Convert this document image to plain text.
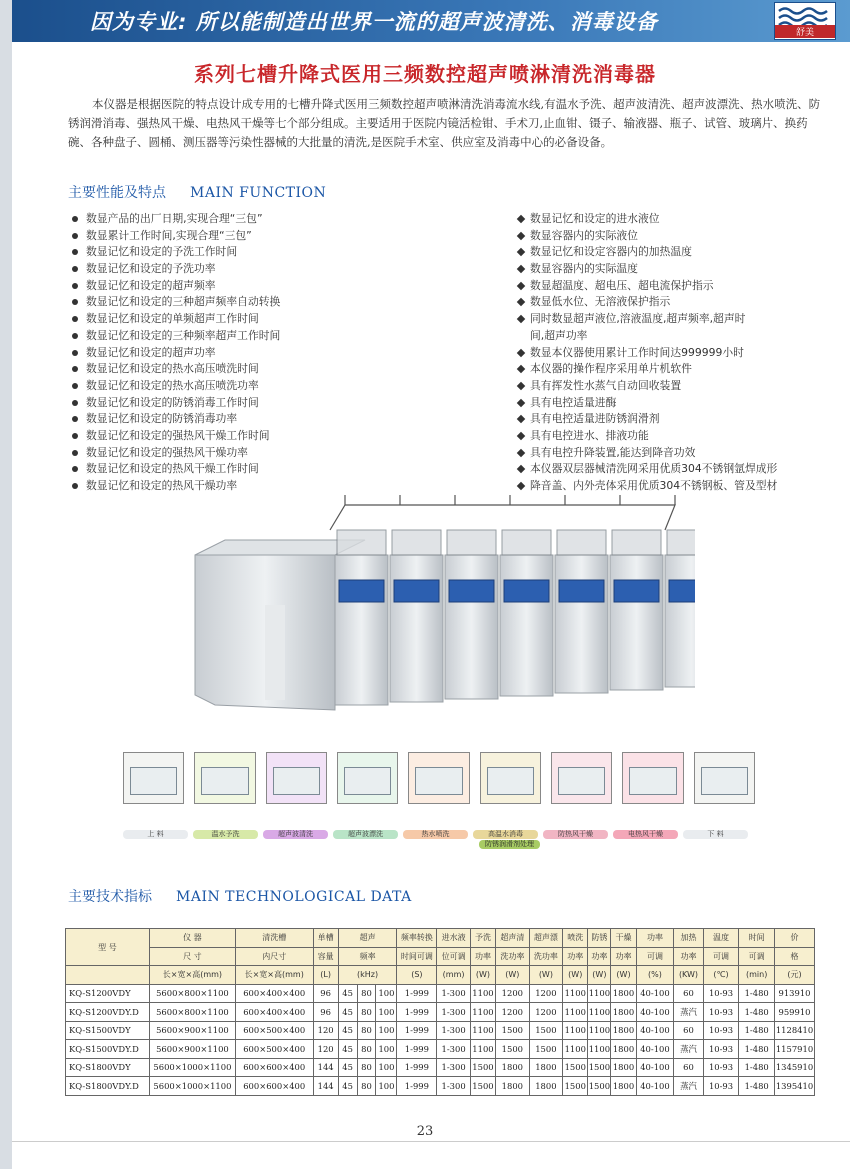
因为专业: 所以能制造出世界一流的超声波清洗、消毒设备	舒美
系列七槽升降式医用三频数控超声喷淋清洗消毒器

本仪器是根据医院的特点设计成专用的七槽升降式医用三频数控超声喷淋清洗消毒流水线,有温水予洗、超声波清洗、超声波漂洗、热水喷洗、防锈润滑消毒、强热风干燥、电热风干燥等七个部分组成。主要适用于医院内镜活检钳、手术刀,止血钳、镊子、输液器、瓶子、试管、玻璃片、换药碗、各种盘子、圆桶、测压器等污染性器械的大批量的清洗,是医院手术室、供应室及消毒中心的必备设备。

主要性能及特点 MAIN FUNCTION
数显产品的出厂日期,实现合理“三包”
数显累计工作时间,实现合理“三包”
数显记忆和设定的予洗工作时间
数显记忆和设定的予洗功率
数显记忆和设定的超声频率
数显记忆和设定的三种超声频率自动转换
数显记忆和设定的单频超声工作时间
数显记忆和设定的三种频率超声工作时间
数显记忆和设定的超声功率
数显记忆和设定的热水高压喷洗时间
数显记忆和设定的热水高压喷洗功率
数显记忆和设定的防锈消毒工作时间
数显记忆和设定的防锈消毒功率
数显记忆和设定的强热风干燥工作时间
数显记忆和设定的强热风干燥功率
数显记忆和设定的热风干燥工作时间
数显记忆和设定的热风干燥功率
数显记忆和设定的进水液位
数显容器内的实际液位
数显记忆和设定容器内的加热温度
数显容器内的实际温度
数显超温度、超电压、超电流保护指示
数显低水位、无溶液保护指示
同时数显超声液位,溶液温度,超声频率,超声时
间,超声功率
数显本仪器使用累计工作时间达999999小时
本仪器的操作程序采用单片机软件
具有挥发性水蒸气自动回收装置
具有电控适量进酶
具有电控适量进防锈润滑剂
具有电控进水、排液功能
具有电控升降装置,能达到降音功效
本仪器双层器械清洗网采用优质304不锈钢氩焊成形
降音盖、内外壳体采用优质304不锈钢板、管及型材
上 料	温水予洗	超声波清洗	超声波漂洗	热水喷洗	高温水消毒	防热风干燥	电热风干燥	下 料
防锈润滑剂处理
主要技术指标 MAIN TECHNOLOGICAL DATA
型 号	仪 器	清洗槽	单槽	超声			频率转换	进水液	予洗	超声清	超声漂	喷洗	防锈	干燥	功率	加热	温度	时间	价
	尺 寸	内尺寸	容量	频率			时间可调	位可调	功率	洗功率	洗功率	功率	功率	功率	可调	功率	可调	可调	格
	长×宽×高(mm)	长×宽×高(mm)	(L)	(kHz)			(S)	(mm)	(W)	(W)	(W)	(W)	(W)	(W)	(%)	(KW)	(℃)	(min)	(元)
KQ-S1200VDY	5600×800×1100	600×400×400	96	45	80	100	1-999	1-300	1100	1200	1200	1100	1100	1800	40-100	60	10-93	1-480	913910
KQ-S1200VDY.D	5600×800×1100	600×400×400	96	45	80	100	1-999	1-300	1100	1200	1200	1100	1100	1800	40-100	蒸汽	10-93	1-480	959910
KQ-S1500VDY	5600×900×1100	600×500×400	120	45	80	100	1-999	1-300	1100	1500	1500	1100	1100	1800	40-100	60	10-93	1-480	1128410
KQ-S1500VDY.D	5600×900×1100	600×500×400	120	45	80	100	1-999	1-300	1100	1500	1500	1100	1100	1800	40-100	蒸汽	10-93	1-480	1157910
KQ-S1800VDY	5600×1000×1100	600×600×400	144	45	80	100	1-999	1-300	1500	1800	1800	1500	1500	1800	40-100	60	10-93	1-480	1345910
KQ-S1800VDY.D	5600×1000×1100	600×600×400	144	45	80	100	1-999	1-300	1500	1800	1800	1500	1500	1800	40-100	蒸汽	10-93	1-480	1395410
23
